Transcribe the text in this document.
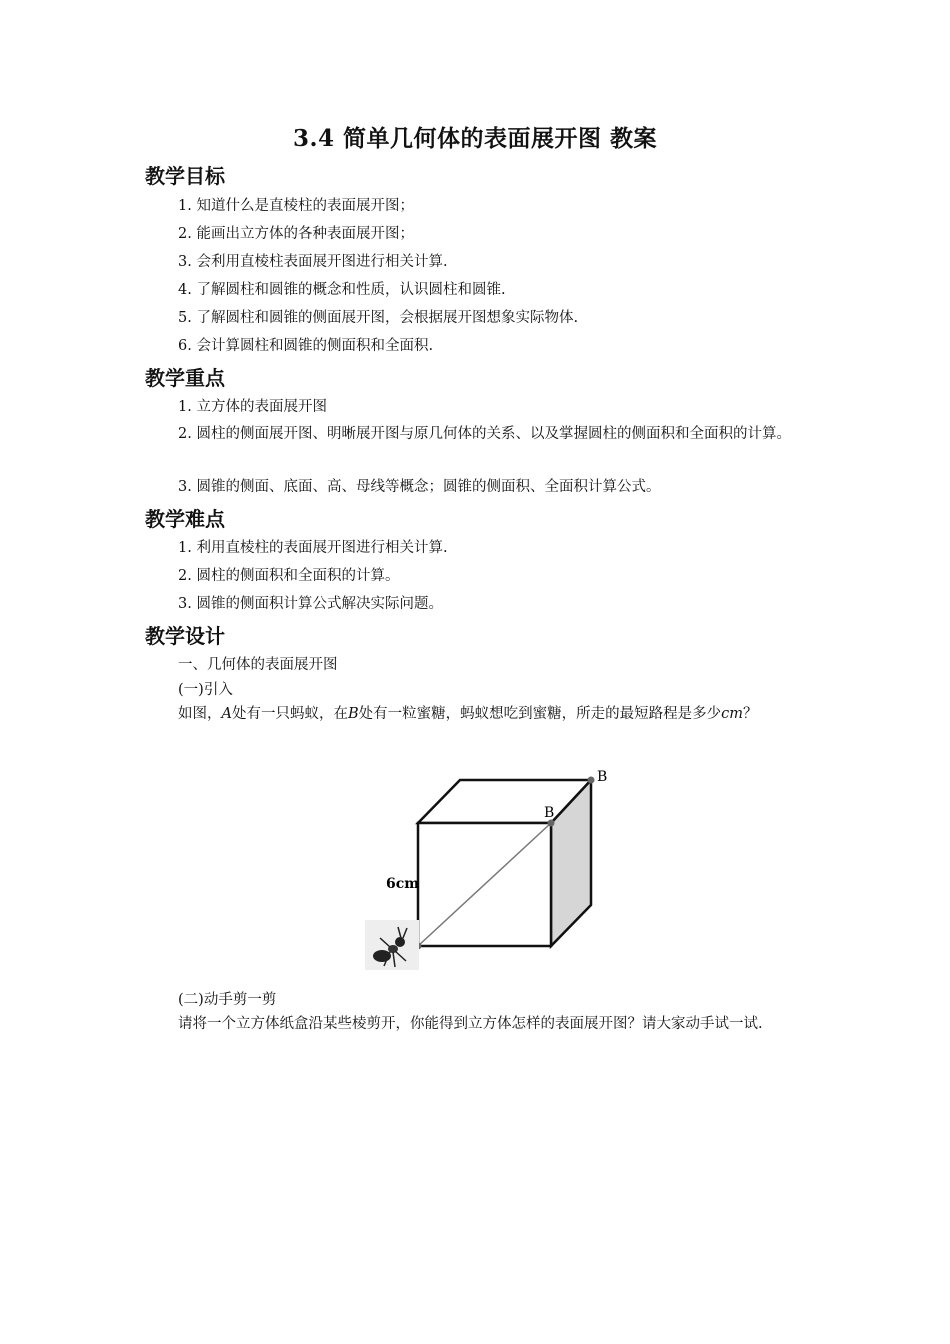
3.4 简单几何体的表面展开图 教案
教学目标
1. 知道什么是直棱柱的表面展开图；
2. 能画出立方体的各种表面展开图；
3. 会利用直棱柱表面展开图进行相关计算.
4. 了解圆柱和圆锥的概念和性质，认识圆柱和圆锥.
5. 了解圆柱和圆锥的侧面展开图，会根据展开图想象实际物体.
6. 会计算圆柱和圆锥的侧面积和全面积.
教学重点
1. 立方体的表面展开图
2. 圆柱的侧面展开图、明晰展开图与原几何体的关系、以及掌握圆柱的侧面积和全面积的计算。
3. 圆锥的侧面、底面、高、母线等概念；圆锥的侧面积、全面积计算公式。
教学难点
1. 利用直棱柱的表面展开图进行相关计算.
2. 圆柱的侧面积和全面积的计算。
3. 圆锥的侧面积计算公式解决实际问题。
教学设计
一、几何体的表面展开图
(一)引入
如图，A处有一只蚂蚁，在B处有一粒蜜糖，蚂蚁想吃到蜜糖，所走的最短路程是多少cm？
6cm
B
B
(二)动手剪一剪
请将一个立方体纸盒沿某些棱剪开，你能得到立方体怎样的表面展开图？请大家动手试一试.
